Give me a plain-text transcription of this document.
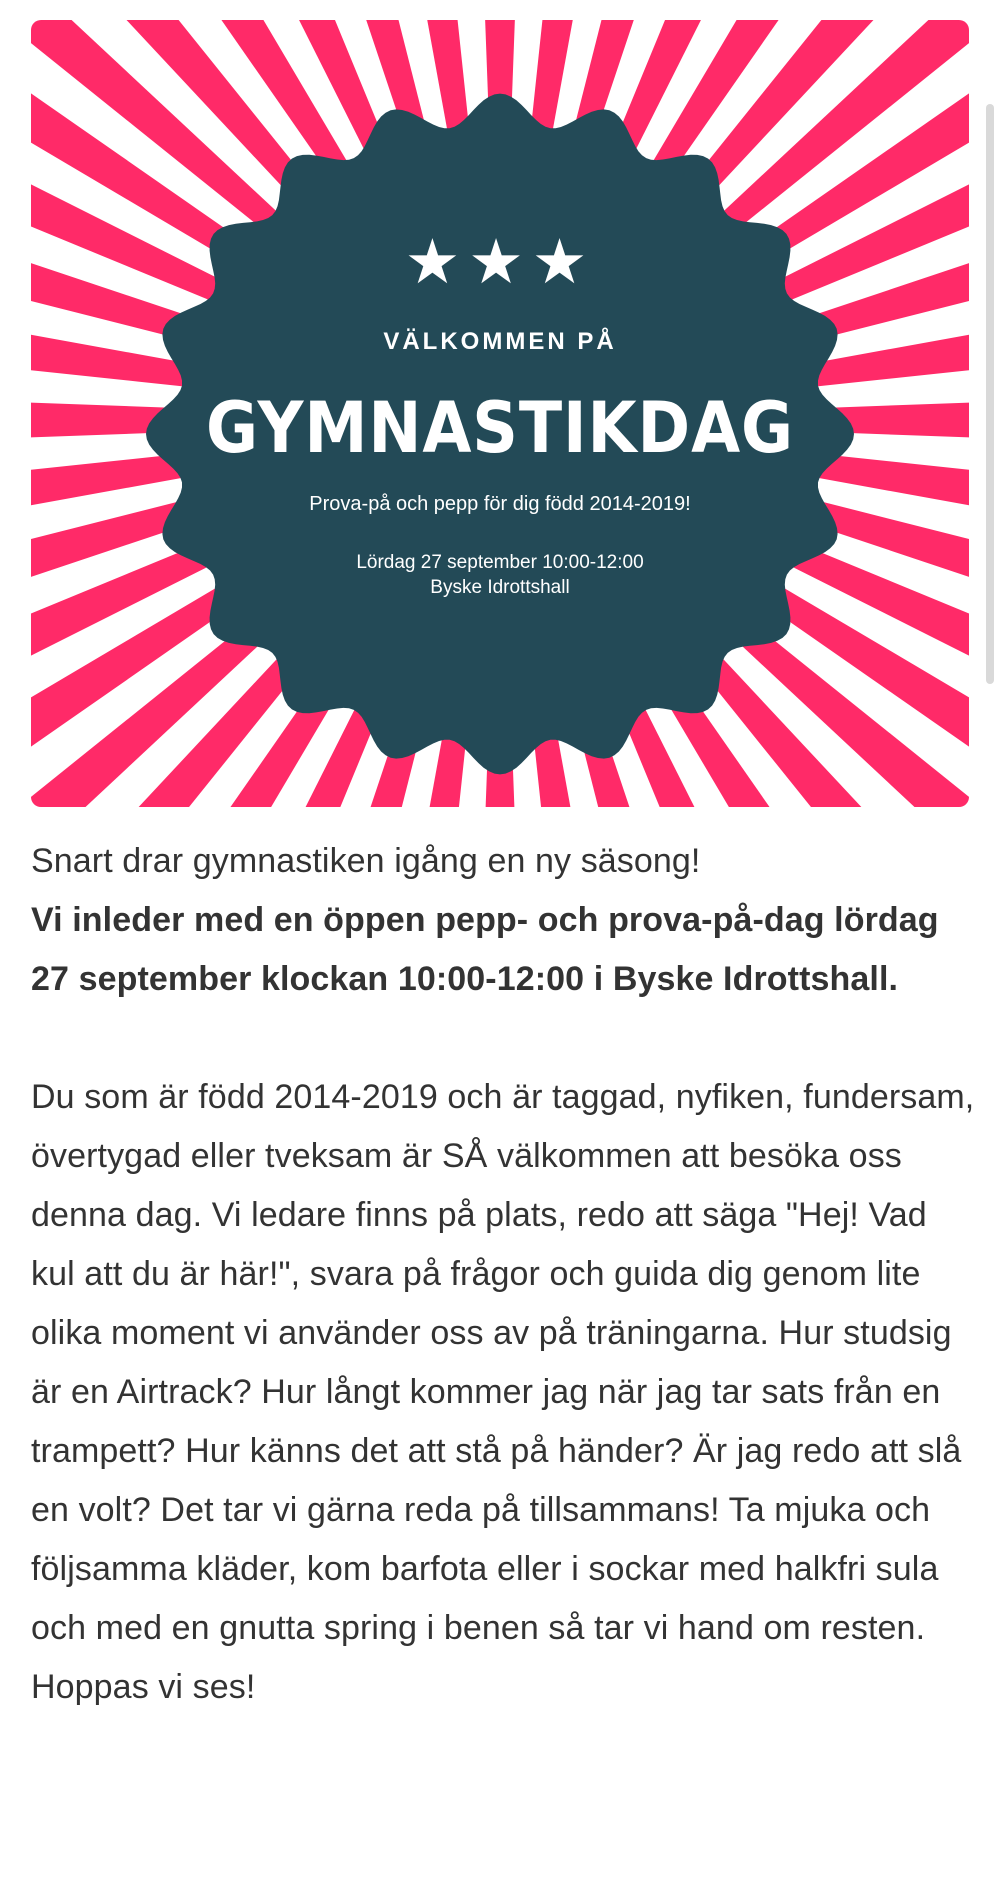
★★★
VÄLKOMMEN PÅ
GYMNASTIKDAG
Prova-på och pepp för dig född 2014-2019!
Lördag 27 september 10:00-12:00
Byske Idrottshall

Snart drar gymnastiken igång en ny säsong!

Vi inleder med en öppen pepp- och prova-på-dag lördag 27 september klockan 10:00-12:00 i Byske Idrottshall.

Du som är född 2014-2019 och är taggad, nyfiken, fundersam, övertygad eller tveksam är SÅ välkommen att besöka oss denna dag. Vi ledare finns på plats, redo att säga "Hej! Vad kul att du är här!", svara på frågor och guida dig genom lite olika moment vi använder oss av på träningarna. Hur studsig är en Airtrack? Hur långt kommer jag när jag tar sats från en trampett? Hur känns det att stå på händer? Är jag redo att slå en volt? Det tar vi gärna reda på tillsammans! Ta mjuka och följsamma kläder, kom barfota eller i sockar med halkfri sula och med en gnutta spring i benen så tar vi hand om resten. Hoppas vi ses!
